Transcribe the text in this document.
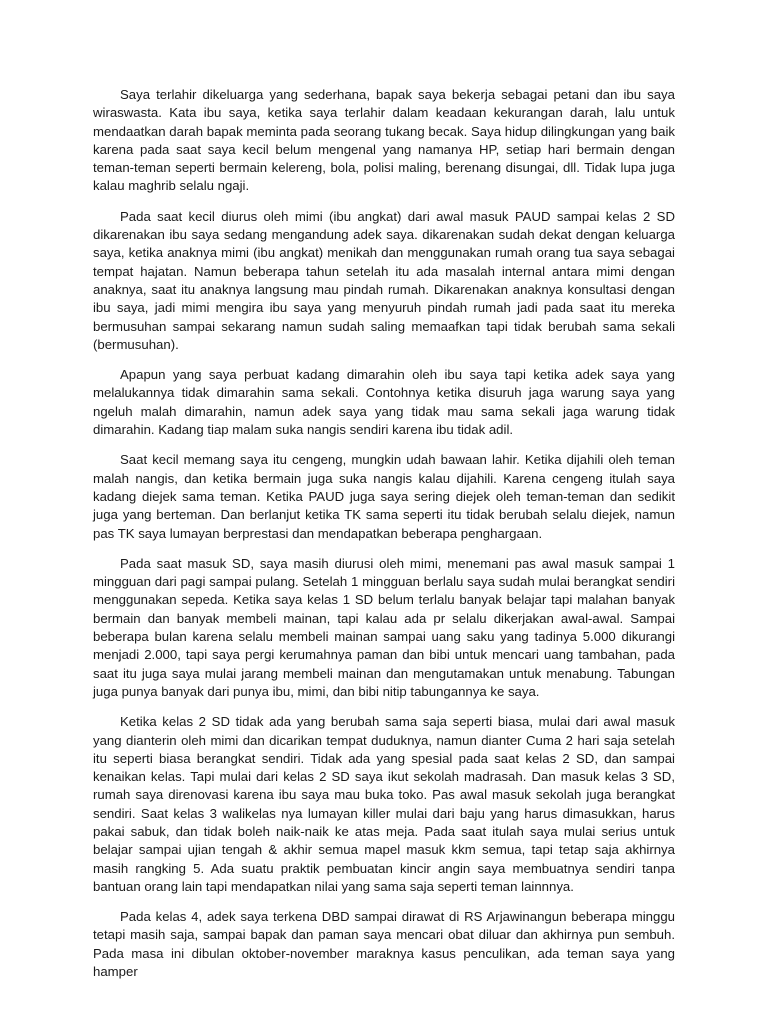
Saya terlahir dikeluarga yang sederhana, bapak saya bekerja sebagai petani dan ibu saya wiraswasta. Kata ibu saya, ketika saya terlahir dalam keadaan kekurangan darah, lalu untuk mendaatkan darah bapak meminta pada seorang tukang becak. Saya hidup dilingkungan yang baik karena pada saat saya kecil belum mengenal yang namanya HP, setiap hari bermain dengan teman-teman seperti bermain kelereng, bola, polisi maling, berenang disungai, dll. Tidak lupa juga kalau maghrib selalu ngaji.

Pada saat kecil diurus oleh mimi (ibu angkat) dari awal masuk PAUD sampai kelas 2 SD dikarenakan ibu saya sedang mengandung adek saya. dikarenakan sudah dekat dengan keluarga saya, ketika anaknya mimi (ibu angkat) menikah dan menggunakan rumah orang tua saya sebagai tempat hajatan. Namun beberapa tahun setelah itu ada masalah internal antara mimi dengan anaknya, saat itu anaknya langsung mau pindah rumah. Dikarenakan anaknya konsultasi dengan ibu saya, jadi mimi mengira ibu saya yang menyuruh pindah rumah jadi pada saat itu mereka bermusuhan sampai sekarang namun sudah saling memaafkan tapi tidak berubah sama sekali (bermusuhan).

Apapun yang saya perbuat kadang dimarahin oleh ibu saya tapi ketika adek saya yang melalukannya tidak dimarahin sama sekali. Contohnya ketika disuruh jaga warung saya yang ngeluh malah dimarahin, namun adek saya yang tidak mau sama sekali jaga warung tidak dimarahin. Kadang tiap malam suka nangis sendiri karena ibu tidak adil.

Saat kecil memang saya itu cengeng, mungkin udah bawaan lahir. Ketika dijahili oleh teman malah nangis, dan ketika bermain juga suka nangis kalau dijahili. Karena cengeng itulah saya kadang diejek sama teman. Ketika PAUD juga saya sering diejek oleh teman-teman dan sedikit juga yang berteman. Dan berlanjut ketika TK sama seperti itu tidak berubah selalu diejek, namun pas TK saya lumayan berprestasi dan mendapatkan beberapa penghargaan.

Pada saat masuk SD, saya masih diurusi oleh mimi, menemani pas awal masuk sampai 1 mingguan dari pagi sampai pulang. Setelah 1 mingguan berlalu saya sudah mulai berangkat sendiri menggunakan sepeda. Ketika saya kelas 1 SD belum terlalu banyak belajar tapi malahan banyak bermain dan banyak membeli mainan, tapi kalau ada pr selalu dikerjakan awal-awal. Sampai beberapa bulan karena selalu membeli mainan sampai uang saku yang tadinya 5.000 dikurangi menjadi 2.000, tapi saya pergi kerumahnya paman dan bibi untuk mencari uang tambahan, pada saat itu juga saya mulai jarang membeli mainan dan mengutamakan untuk menabung. Tabungan juga punya banyak dari punya ibu, mimi, dan bibi nitip tabungannya ke saya.

Ketika kelas 2 SD tidak ada yang berubah sama saja seperti biasa, mulai dari awal masuk yang dianterin oleh mimi dan dicarikan tempat duduknya, namun dianter Cuma 2 hari saja setelah itu seperti biasa berangkat sendiri. Tidak ada yang spesial pada saat kelas 2 SD, dan sampai kenaikan kelas. Tapi mulai dari kelas 2 SD saya ikut sekolah madrasah. Dan masuk kelas 3 SD, rumah saya direnovasi karena ibu saya mau buka toko. Pas awal masuk sekolah juga berangkat sendiri. Saat kelas 3 walikelas nya lumayan killer mulai dari baju yang harus dimasukkan, harus pakai sabuk, dan tidak boleh naik-naik ke atas meja. Pada saat itulah saya mulai serius untuk belajar sampai ujian tengah & akhir semua mapel masuk kkm semua, tapi tetap saja akhirnya masih rangking 5. Ada suatu praktik pembuatan kincir angin saya membuatnya sendiri tanpa bantuan orang lain tapi mendapatkan nilai yang sama saja seperti teman lainnnya.

Pada kelas 4, adek saya terkena DBD sampai dirawat di RS Arjawinangun beberapa minggu tetapi masih saja, sampai bapak dan paman saya mencari obat diluar dan akhirnya pun sembuh. Pada masa ini dibulan oktober-november maraknya kasus penculikan, ada teman saya yang hamper
